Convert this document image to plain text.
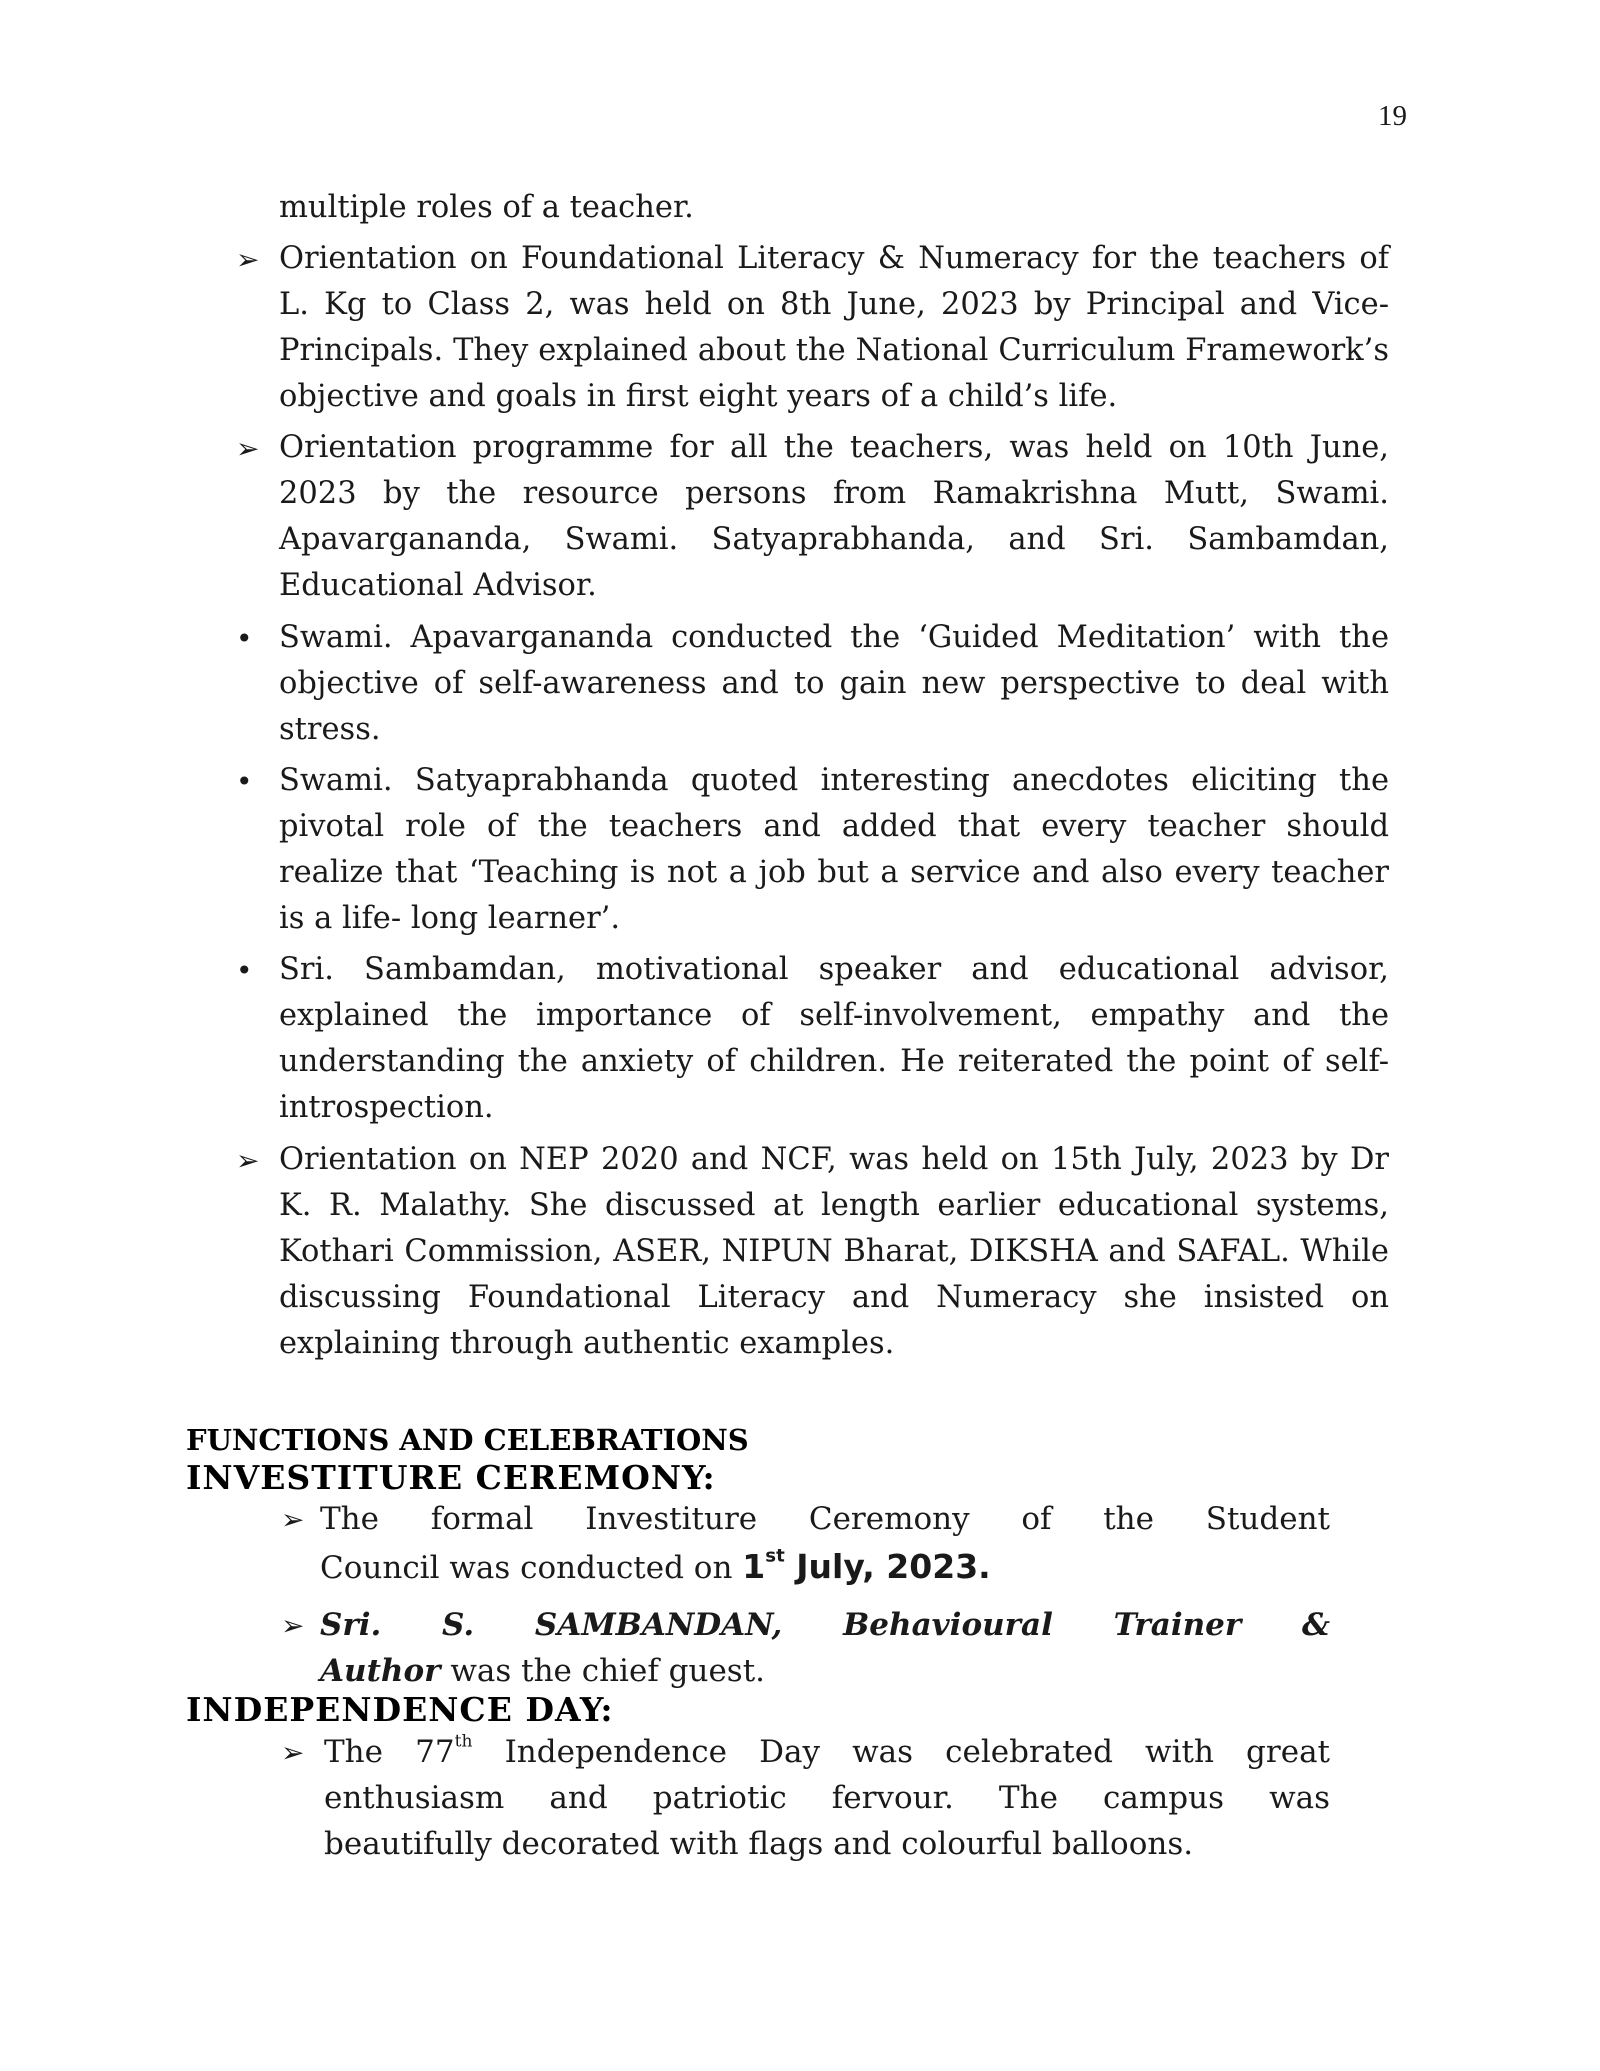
19
multiple roles of a teacher.
➢ Orientation on Foundational Literacy & Numeracy for the teachers of L. Kg to Class 2, was held on 8th June, 2023 by Principal and Vice-Principals. They explained about the National Curriculum Framework’s objective and goals in first eight years of a child’s life.
➢ Orientation programme for all the teachers, was held on 10th June, 2023 by the resource persons from Ramakrishna Mutt, Swami. Apavargananda, Swami. Satyaprabhanda, and Sri. Sambamdan, Educational Advisor.
• Swami. Apavargananda conducted the ‘Guided Meditation’ with the objective of self-awareness and to gain new perspective to deal with stress.
• Swami. Satyaprabhanda quoted interesting anecdotes eliciting the pivotal role of the teachers and added that every teacher should realize that ‘Teaching is not a job but a service and also every teacher is a life- long learner’.
• Sri. Sambamdan, motivational speaker and educational advisor, explained the importance of self-involvement, empathy and the understanding the anxiety of children. He reiterated the point of self- introspection.
➢ Orientation on NEP 2020 and NCF, was held on 15th July, 2023 by Dr K. R. Malathy. She discussed at length earlier educational systems, Kothari Commission, ASER, NIPUN Bharat, DIKSHA and SAFAL. While discussing Foundational Literacy and Numeracy she insisted on explaining through authentic examples.
FUNCTIONS AND CELEBRATIONS
INVESTITURE CEREMONY:
➢ The formal Investiture Ceremony of the Student
Council was conducted on 1st July, 2023.
➢ Sri. S. SAMBANDAN, Behavioural Trainer &
Author was the chief guest.
INDEPENDENCE DAY:
➢ The 77th Independence Day was celebrated with great
enthusiasm and patriotic fervour. The campus was
beautifully decorated with flags and colourful balloons.
